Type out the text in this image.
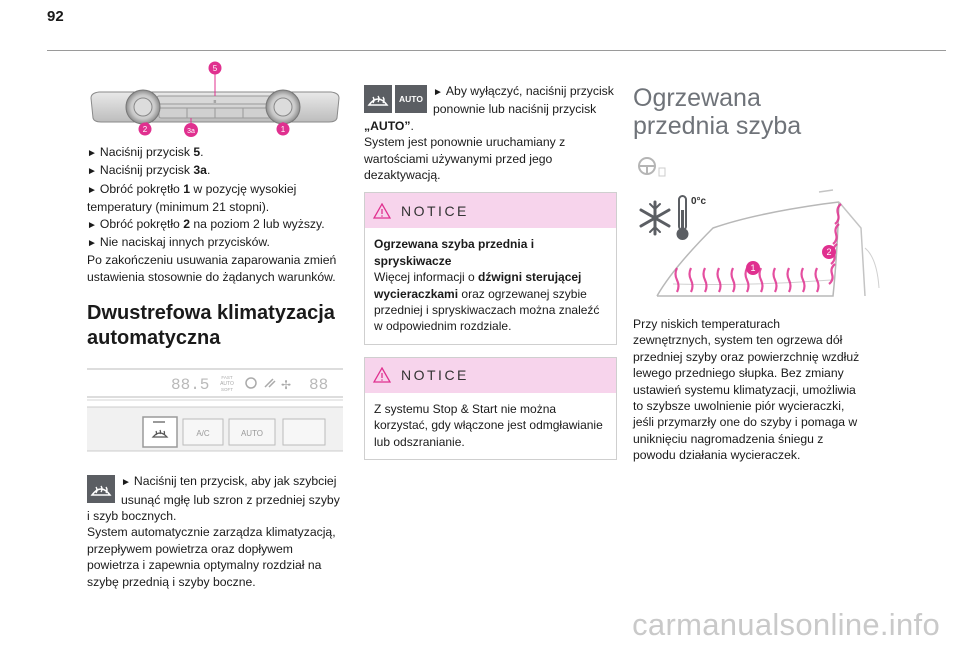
92
≡
5
2	3a	1

► Naciśnij przycisk 5.

► Naciśnij przycisk 3a.

► Obróć pokrętło 1 w pozycję wysokiej temperatury (minimum 21 stopni).

► Obróć pokrętło 2 na poziom 2 lub wyższy.

► Nie naciskaj innych przycisków.

Po zakończeniu usuwania zaparowania zmień ustawienia stosownie do żądanych warunków.

Dwustrefowa klimatyzacja automatyczna
88.5	FAST
AUTO
SOFT	✢ 88
A/C	AUTO
► Naciśnij ten przycisk, aby jak szybciej usunąć mgłę lub szron z przedniej szyby i szyb bocznych.

System automatycznie zarządza klimatyzacją, przepływem powietrza oraz dopływem powietrza i zapewnia optymalny rozdział na szybę przednią i szyby boczne.

AUTO
► Aby wyłączyć, naciśnij przycisk ponownie lub naciśnij przycisk „AUTO”.

System jest ponownie uruchamiany z wartościami używanymi przed jego dezaktywacją.

NOTICE
Ogrzewana szyba przednia i spryskiwacze
Więcej informacji o dźwigni sterującej wycieraczkami oraz ogrzewanej szybie przedniej i spryskiwaczach można znaleźć w odpowiednim rozdziale.
NOTICE
Z systemu Stop & Start nie można korzystać, gdy włączone jest odmgławianie lub odszranianie.
Ogrzewana przednia szyba
0°c
1
2
Przy niskich temperaturach zewnętrznych, system ten ogrzewa dół przedniej szyby oraz powierzchnię wzdłuż lewego przedniego słupka. Bez zmiany ustawień systemu klimatyzacji, umożliwia to szybsze uwolnienie piór wycieraczki, jeśli przymarzły one do szyby i pomaga w uniknięciu nagromadzenia śniegu z powodu działania wycieraczek.
carmanualsonline.info
